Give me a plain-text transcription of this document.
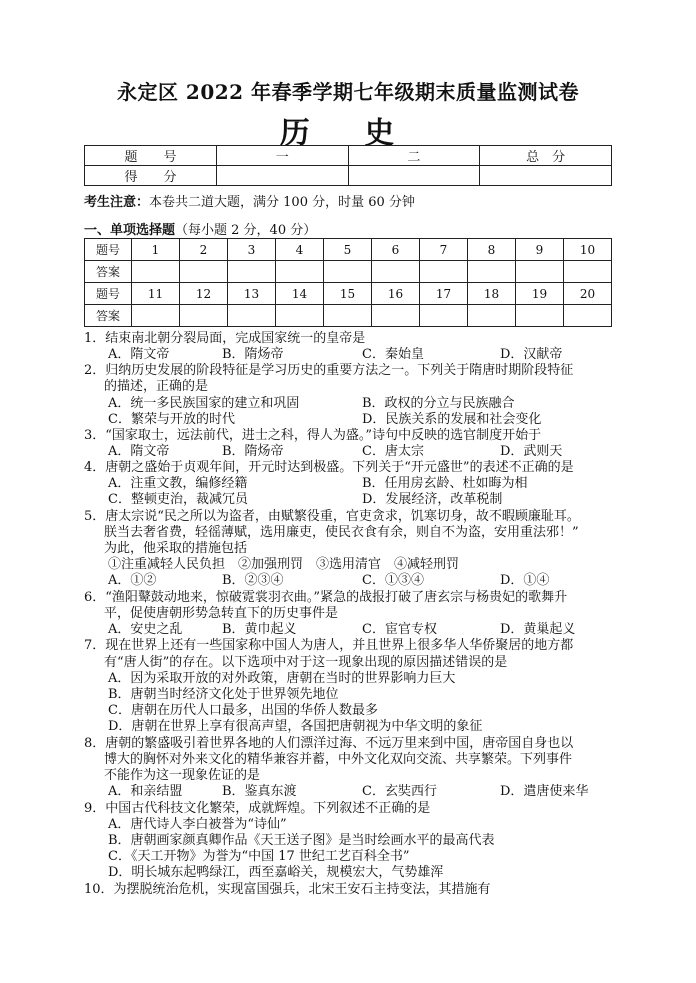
永定区 2022 年春季学期七年级期末质量监测试卷
历 史
题　　号	一	二	总　分
得　　分			
考生注意：本卷共二道大题，满分 100 分，时量 60 分钟
一、单项选择题（每小题 2 分，40 分）
题号	1	2	3	4	5	6	7	8	9	10
答案										
题号	11	12	13	14	15	16	17	18	19	20
答案										
1．结束南北朝分裂局面，完成国家统一的皇帝是
A．隋文帝	B．隋炀帝	C．秦始皇	D．汉献帝
2．归纳历史发展的阶段特征是学习历史的重要方法之一。下列关于隋唐时期阶段特征
的描述，正确的是
A．统一多民族国家的建立和巩固	B．政权的分立与民族融合
C．繁荣与开放的时代	D．民族关系的发展和社会变化
3．“国家取士，远法前代，进士之科，得人为盛。”诗句中反映的选官制度开始于
A．隋文帝	B．隋炀帝	C．唐太宗	D．武则天
4．唐朝之盛始于贞观年间，开元时达到极盛。下列关于“开元盛世”的表述不正确的是
A．注重文教，编修经籍	B．任用房玄龄、杜如晦为相
C．整顿吏治，裁减冗员	D．发展经济，改革税制
5．唐太宗说“民之所以为盗者，由赋繁役重，官吏贪求，饥寒切身，故不暇顾廉耻耳。
朕当去奢省费，轻徭薄赋，选用廉吏，使民衣食有余，则自不为盗，安用重法邪！”
为此，他采取的措施包括
①注重减轻人民负担　②加强刑罚　③选用清官　④减轻刑罚
A．①②	B．②③④	C．①③④	D．①④
6．“渔阳鼙鼓动地来，惊破霓裳羽衣曲。”紧急的战报打破了唐玄宗与杨贵妃的歌舞升
平，促使唐朝形势急转直下的历史事件是
A．安史之乱	B．黄巾起义	C．宦官专权	D．黄巢起义
7．现在世界上还有一些国家称中国人为唐人，并且世界上很多华人华侨聚居的地方都
有“唐人街”的存在。以下选项中对于这一现象出现的原因描述错误的是
A．因为采取开放的对外政策，唐朝在当时的世界影响力巨大
B．唐朝当时经济文化处于世界领先地位
C．唐朝在历代人口最多，出国的华侨人数最多
D．唐朝在世界上享有很高声望，各国把唐朝视为中华文明的象征
8．唐朝的繁盛吸引着世界各地的人们漂洋过海、不远万里来到中国，唐帝国自身也以
博大的胸怀对外来文化的精华兼容并蓄，中外文化双向交流、共享繁荣。下列事件
不能作为这一现象佐证的是
A．和亲结盟	B．鉴真东渡	C．玄奘西行	D．遣唐使来华
9．中国古代科技文化繁荣，成就辉煌。下列叙述不正确的是
A．唐代诗人李白被誉为“诗仙”
B．唐朝画家颜真卿作品《天王送子图》是当时绘画水平的最高代表
C．《天工开物》为誉为“中国 17 世纪工艺百科全书”
D．明长城东起鸭绿江，西至嘉峪关，规模宏大，气势雄浑
10．为摆脱统治危机，实现富国强兵，北宋王安石主持变法，其措施有
